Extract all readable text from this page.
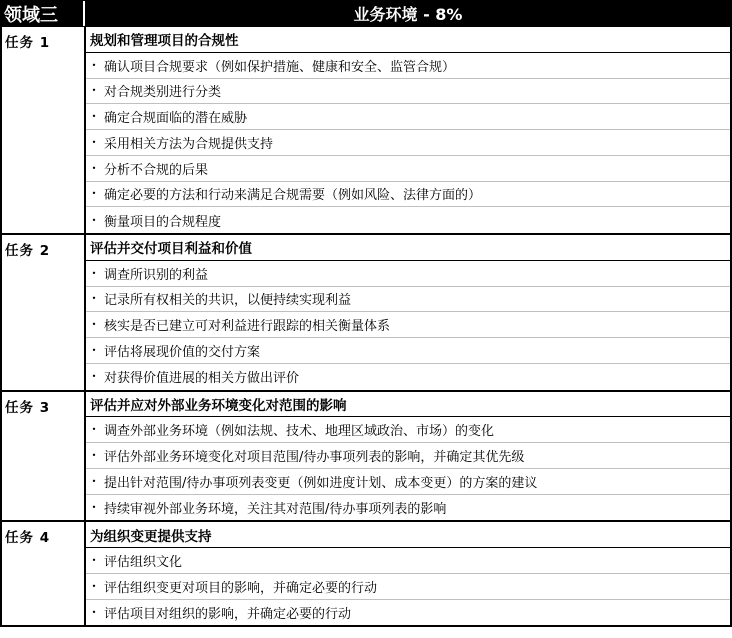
领域三	业务环境 - 8%
任务 1	规划和管理项目的合规性
• 确认项目合规要求（例如保护措施、健康和安全、监管合规）
• 对合规类别进行分类
• 确定合规面临的潜在威胁
• 采用相关方法为合规提供支持
• 分析不合规的后果
• 确定必要的方法和行动来满足合规需要（例如风险、法律方面的）
• 衡量项目的合规程度
任务 2	评估并交付项目利益和价值
• 调查所识别的利益
• 记录所有权相关的共识，以便持续实现利益
• 核实是否已建立可对利益进行跟踪的相关衡量体系
• 评估将展现价值的交付方案
• 对获得价值进展的相关方做出评价
任务 3	评估并应对外部业务环境变化对范围的影响
• 调查外部业务环境（例如法规、技术、地理区域政治、市场）的变化
• 评估外部业务环境变化对项目范围/待办事项列表的影响，并确定其优先级
• 提出针对范围/待办事项列表变更（例如进度计划、成本变更）的方案的建议
• 持续审视外部业务环境，关注其对范围/待办事项列表的影响
任务 4	为组织变更提供支持
• 评估组织文化
• 评估组织变更对项目的影响，并确定必要的行动
• 评估项目对组织的影响，并确定必要的行动
